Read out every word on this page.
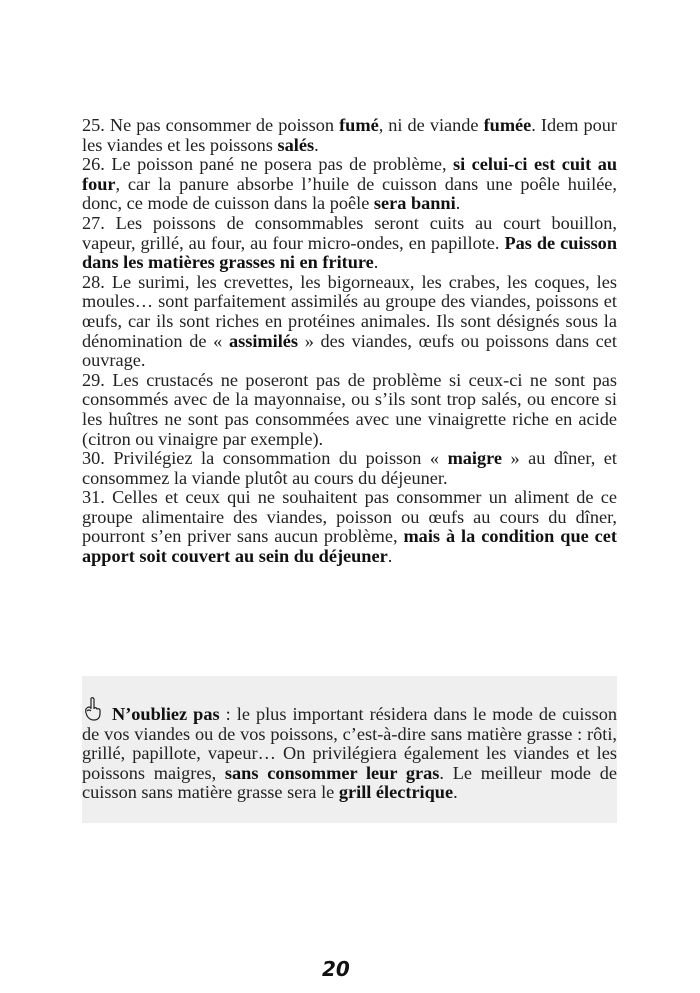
25. Ne pas consommer de poisson fumé, ni de viande fumée. Idem pour les viandes et les poissons salés.

26. Le poisson pané ne posera pas de problème, si celui-ci est cuit au four, car la panure absorbe l’huile de cuisson dans une poêle huilée, donc, ce mode de cuisson dans la poêle sera banni.

27. Les poissons de consommables seront cuits au court bouillon, vapeur, grillé, au four, au four micro-ondes, en papillote. Pas de cuisson dans les matières grasses ni en friture.

28. Le surimi, les crevettes, les bigorneaux, les crabes, les coques, les moules… sont parfaitement assimilés au groupe des viandes, poissons et œufs, car ils sont riches en protéines animales. Ils sont désignés sous la dénomination de « assimilés » des viandes, œufs ou poissons dans cet ouvrage.

29. Les crustacés ne poseront pas de problème si ceux-ci ne sont pas consommés avec de la mayonnaise, ou s’ils sont trop salés, ou encore si les huîtres ne sont pas consommées avec une vinaigrette riche en acide (citron ou vinaigre par exemple).

30. Privilégiez la consommation du poisson « maigre » au dîner, et consommez la viande plutôt au cours du déjeuner.

31. Celles et ceux qui ne souhaitent pas consommer un aliment de ce groupe alimentaire des viandes, poisson ou œufs au cours du dîner, pourront s’en priver sans aucun problème, mais à la condition que cet apport soit couvert au sein du déjeuner.

N’oubliez pas : le plus important résidera dans le mode de cuisson de vos viandes ou de vos poissons, c’est-à-dire sans matière grasse : rôti, grillé, papillote, vapeur… On privilégiera également les viandes et les poissons maigres, sans consommer leur gras. Le meilleur mode de cuisson sans matière grasse sera le grill électrique.

20
